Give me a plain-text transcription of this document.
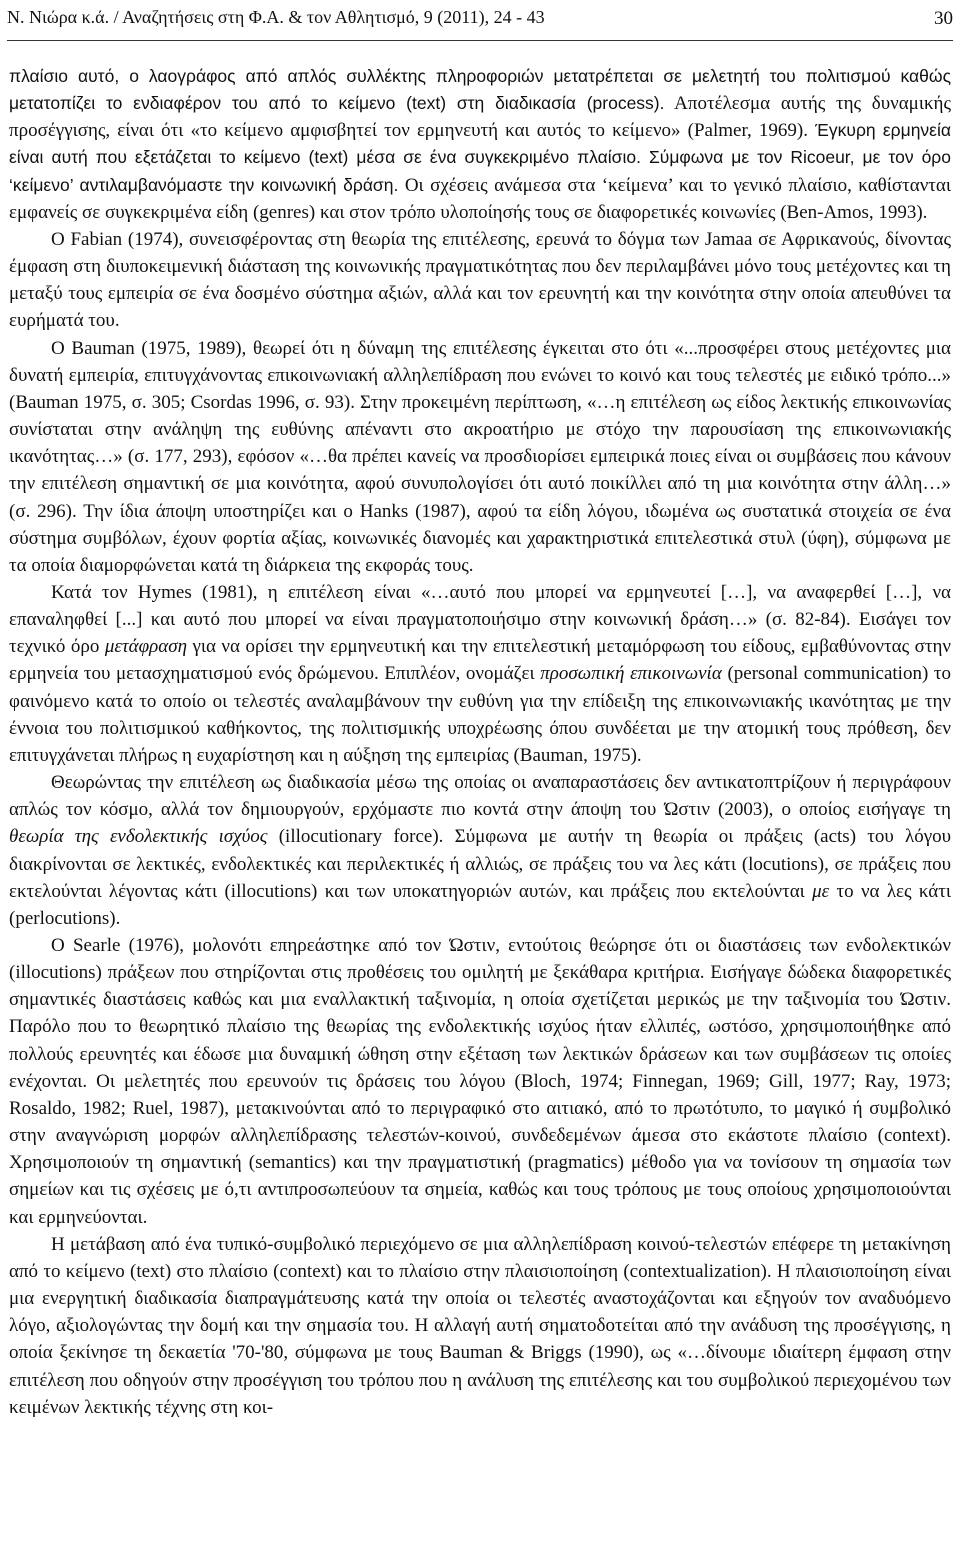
Ν. Νιώρα κ.ά. / Αναζητήσεις στη Φ.Α. & τον Αθλητισμό, 9 (2011), 24 - 43	30

πλαίσιο αυτό, ο λαογράφος από απλός συλλέκτης πληροφοριών μετατρέπεται σε μελετητή του πολιτισμού καθώς μετατοπίζει το ενδιαφέρον του από το κείμενο (text) στη διαδικασία (process). Αποτέλεσμα αυτής της δυναμικής προσέγγισης, είναι ότι «το κείμενο αμφισβητεί τον ερμηνευτή και αυτός το κείμενο» (Palmer, 1969). Έγκυρη ερμηνεία είναι αυτή που εξετάζεται το κείμενο (text) μέσα σε ένα συγκεκριμένο πλαίσιο. Σύμφωνα με τον Ricoeur, με τον όρο ‘κείμενο’ αντιλαμβανόμαστε την κοινωνική δράση. Οι σχέσεις ανάμεσα στα ‘κείμενα’ και το γενικό πλαίσιο, καθίστανται εμφανείς σε συγκεκριμένα είδη (genres) και στον τρόπο υλοποίησής τους σε διαφορετικές κοινωνίες (Ben-Amos, 1993).

Ο Fabian (1974), συνεισφέροντας στη θεωρία της επιτέλεσης, ερευνά το δόγμα των Jamaa σε Αφρικανούς, δίνοντας έμφαση στη διυποκειμενική διάσταση της κοινωνικής πραγματικότητας που δεν περιλαμβάνει μόνο τους μετέχοντες και τη μεταξύ τους εμπειρία σε ένα δοσμένο σύστημα αξιών, αλλά και τον ερευνητή και την κοινότητα στην οποία απευθύνει τα ευρήματά του.

Ο Bauman (1975, 1989), θεωρεί ότι η δύναμη της επιτέλεσης έγκειται στο ότι «...προσφέρει στους μετέχοντες μια δυνατή εμπειρία, επιτυγχάνοντας επικοινωνιακή αλληλεπίδραση που ενώνει το κοινό και τους τελεστές με ειδικό τρόπο...» (Bauman 1975, σ. 305; Csordas 1996, σ. 93). Στην προκειμένη περίπτωση, «…η επιτέλεση ως είδος λεκτικής επικοινωνίας συνίσταται στην ανάληψη της ευθύνης απέναντι στο ακροατήριο με στόχο την παρουσίαση της επικοινωνιακής ικανότητας…» (σ. 177, 293), εφόσον «…θα πρέπει κανείς να προσδιορίσει εμπειρικά ποιες είναι οι συμβάσεις που κάνουν την επιτέλεση σημαντική σε μια κοινότητα, αφού συνυπολογίσει ότι αυτό ποικίλλει από τη μια κοινότητα στην άλλη…» (σ. 296). Την ίδια άποψη υποστηρίζει και ο Hanks (1987), αφού τα είδη λόγου, ιδωμένα ως συστατικά στοιχεία σε ένα σύστημα συμβόλων, έχουν φορτία αξίας, κοινωνικές διανομές και χαρακτηριστικά επιτελεστικά στυλ (ύφη), σύμφωνα με τα οποία διαμορφώνεται κατά τη διάρκεια της εκφοράς τους.

Κατά τον Hymes (1981), η επιτέλεση είναι «…αυτό που μπορεί να ερμηνευτεί […], να αναφερθεί […], να επαναληφθεί [...] και αυτό που μπορεί να είναι πραγματοποιήσιμο στην κοινωνική δράση…» (σ. 82-84). Εισάγει τον τεχνικό όρο μετάφραση για να ορίσει την ερμηνευτική και την επιτελεστική μεταμόρφωση του είδους, εμβαθύνοντας στην ερμηνεία του μετασχηματισμού ενός δρώμενου. Επιπλέον, ονομάζει προσωπική επικοινωνία (personal communication) το φαινόμενο κατά το οποίο οι τελεστές αναλαμβάνουν την ευθύνη για την επίδειξη της επικοινωνιακής ικανότητας με την έννοια του πολιτισμικού καθήκοντος, της πολιτισμικής υποχρέωσης όπου συνδέεται με την ατομική τους πρόθεση, δεν επιτυγχάνεται πλήρως η ευχαρίστηση και η αύξηση της εμπειρίας (Bauman, 1975).

Θεωρώντας την επιτέλεση ως διαδικασία μέσω της οποίας οι αναπαραστάσεις δεν αντικατοπτρίζουν ή περιγράφουν απλώς τον κόσμο, αλλά τον δημιουργούν, ερχόμαστε πιο κοντά στην άποψη του Ώστιν (2003), ο οποίος εισήγαγε τη θεωρία της ενδολεκτικής ισχύος (illocutionary force). Σύμφωνα με αυτήν τη θεωρία οι πράξεις (acts) του λόγου διακρίνονται σε λεκτικές, ενδολεκτικές και περιλεκτικές ή αλλιώς, σε πράξεις του να λες κάτι (locutions), σε πράξεις που εκτελούνται λέγοντας κάτι (illocutions) και των υποκατηγοριών αυτών, και πράξεις που εκτελούνται με το να λες κάτι (perlocutions).

Ο Searle (1976), μολονότι επηρεάστηκε από τον Ώστιν, εντούτοις θεώρησε ότι οι διαστάσεις των ενδολεκτικών (illocutions) πράξεων που στηρίζονται στις προθέσεις του ομιλητή με ξεκάθαρα κριτήρια. Εισήγαγε δώδεκα διαφορετικές σημαντικές διαστάσεις καθώς και μια εναλλακτική ταξινομία, η οποία σχετίζεται μερικώς με την ταξινομία του Ώστιν. Παρόλο που το θεωρητικό πλαίσιο της θεωρίας της ενδολεκτικής ισχύος ήταν ελλιπές, ωστόσο, χρησιμοποιήθηκε από πολλούς ερευνητές και έδωσε μια δυναμική ώθηση στην εξέταση των λεκτικών δράσεων και των συμβάσεων τις οποίες ενέχονται. Οι μελετητές που ερευνούν τις δράσεις του λόγου (Bloch, 1974; Finnegan, 1969; Gill, 1977; Ray, 1973; Rosaldo, 1982; Ruel, 1987), μετακινούνται από το περιγραφικό στο αιτιακό, από το πρωτότυπο, το μαγικό ή συμβολικό στην αναγνώριση μορφών αλληλεπίδρασης τελεστών-κοινού, συνδεδεμένων άμεσα στο εκάστοτε πλαίσιο (context). Χρησιμοποιούν τη σημαντική (semantics) και την πραγματιστική (pragmatics) μέθοδο για να τονίσουν τη σημασία των σημείων και τις σχέσεις με ό,τι αντιπροσωπεύουν τα σημεία, καθώς και τους τρόπους με τους οποίους χρησιμοποιούνται και ερμηνεύονται.

Η μετάβαση από ένα τυπικό-συμβολικό περιεχόμενο σε μια αλληλεπίδραση κοινού-τελεστών επέφερε τη μετακίνηση από το κείμενο (text) στο πλαίσιο (context) και το πλαίσιο στην πλαισιοποίηση (contextualization). Η πλαισιοποίηση είναι μια ενεργητική διαδικασία διαπραγμάτευσης κατά την οποία οι τελεστές αναστοχάζονται και εξηγούν τον αναδυόμενο λόγο, αξιολογώντας την δομή και την σημασία του. Η αλλαγή αυτή σηματοδοτείται από την ανάδυση της προσέγγισης, η οποία ξεκίνησε τη δεκαετία '70-'80, σύμφωνα με τους Bauman & Briggs (1990), ως «…δίνουμε ιδιαίτερη έμφαση στην επιτέλεση που οδηγούν στην προσέγγιση του τρόπου που η ανάλυση της επιτέλεσης και του συμβολικού περιεχομένου των κειμένων λεκτικής τέχνης στη κοι-
